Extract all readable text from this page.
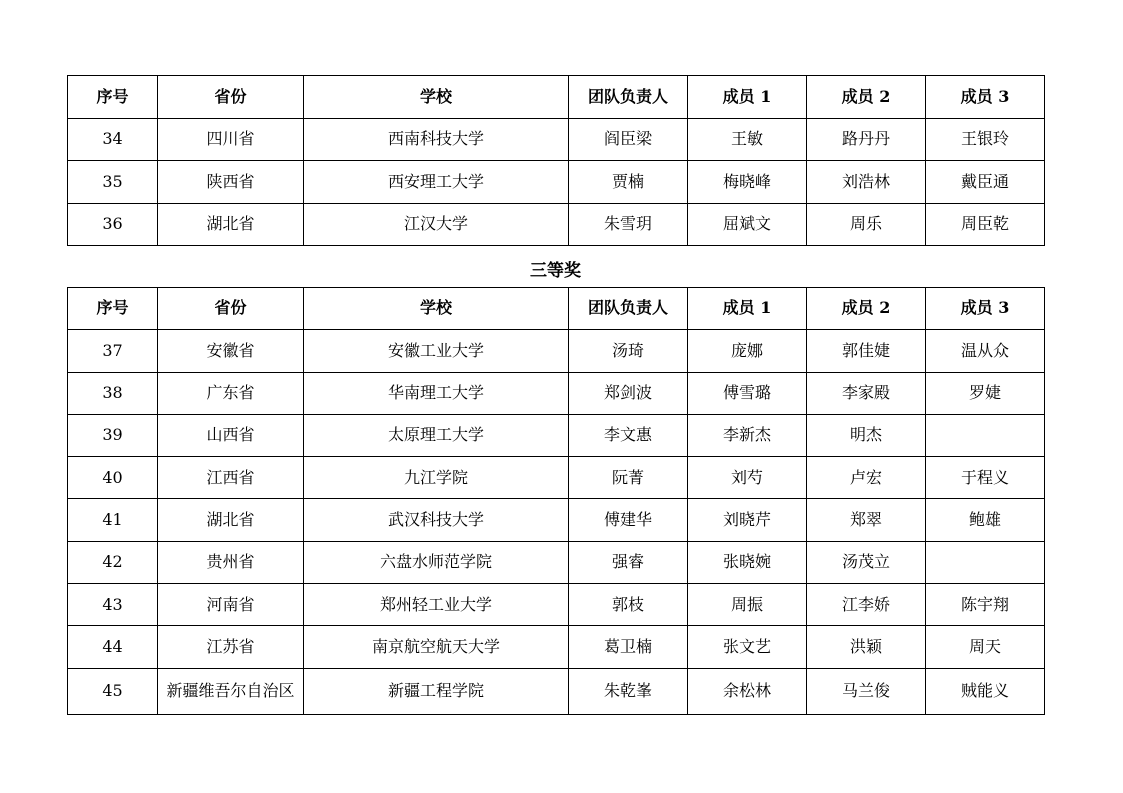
序号	省份	学校	团队负责人	成员 1	成员 2	成员 3
34	四川省	西南科技大学	阎臣梁	王敏	路丹丹	王银玲
35	陕西省	西安理工大学	贾楠	梅晓峰	刘浩林	戴臣通
36	湖北省	江汉大学	朱雪玥	屈斌文	周乐	周臣乾
三等奖
序号	省份	学校	团队负责人	成员 1	成员 2	成员 3
37	安徽省	安徽工业大学	汤琦	庞娜	郭佳婕	温从众
38	广东省	华南理工大学	郑剑波	傅雪璐	李家殿	罗婕
39	山西省	太原理工大学	李文惠	李新杰	明杰	
40	江西省	九江学院	阮菁	刘芍	卢宏	于程义
41	湖北省	武汉科技大学	傅建华	刘晓芹	郑翠	鲍雄
42	贵州省	六盘水师范学院	强睿	张晓婉	汤茂立	
43	河南省	郑州轻工业大学	郭枝	周振	江李娇	陈宇翔
44	江苏省	南京航空航天大学	葛卫楠	张文艺	洪颖	周天
45	新疆维吾尔自治区	新疆工程学院	朱乾峯	余松林	马兰俊	贼能义
